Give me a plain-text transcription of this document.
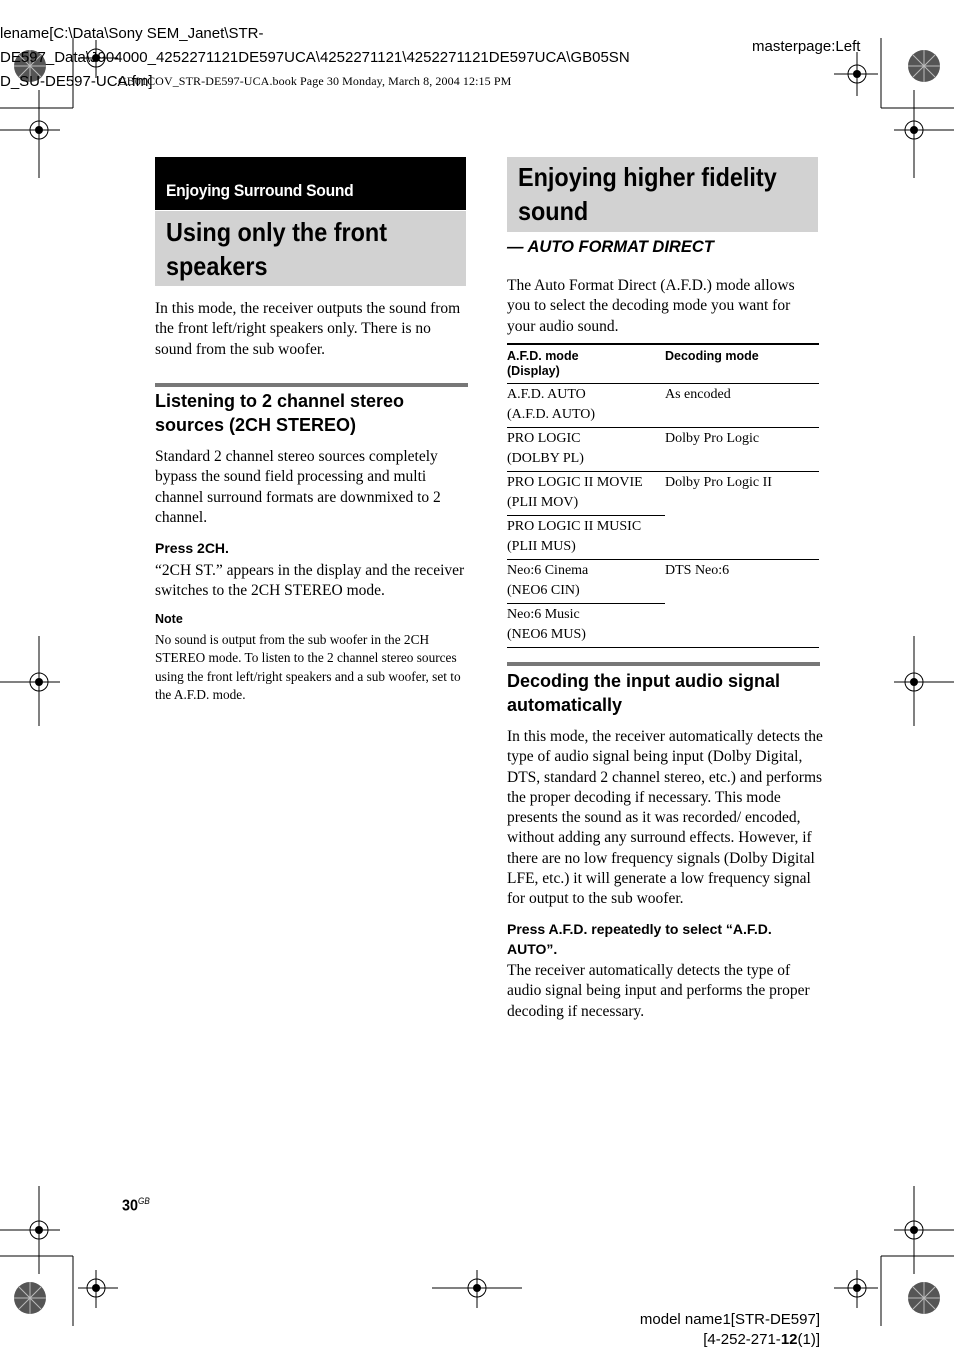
lename[C:\Data\Sony SEM_Janet\STR-
DE597_Data\J904000_4252271121DE597UCA\4252271121\4252271121DE597UCA\GB05SN
D_SU-DE597-UCA.fm]
masterpage:Left
GB01COV_STR-DE597-UCA.book Page 30 Monday, March 8, 2004 12:15 PM
Enjoying Surround Sound
Using only the front speakers
In this mode, the receiver outputs the sound from the front left/right speakers only. There is no sound from the sub woofer.
Listening to 2 channel stereo sources (2CH STEREO)
Standard 2 channel stereo sources completely bypass the sound field processing and multi channel surround formats are downmixed to 2 channel.
Press 2CH.
“2CH ST.” appears in the display and the receiver switches to the 2CH STEREO mode.
Note
No sound is output from the sub woofer in the 2CH STEREO mode. To listen to the 2 channel stereo sources using the front left/right speakers and a sub woofer, set to the A.F.D. mode.
Enjoying higher fidelity sound
— AUTO FORMAT DIRECT
The Auto Format Direct (A.F.D.) mode allows you to select the decoding mode you want for your audio sound.
A.F.D. mode
(Display)	Decoding mode

A.F.D. AUTO
(A.F.D. AUTO)	As encoded

PRO LOGIC
(DOLBY PL)	Dolby Pro Logic

PRO LOGIC II MOVIE
(PLII MOV)	Dolby Pro Logic II

PRO LOGIC II MUSIC
(PLII MUS)	

Neo:6 Cinema
(NEO6 CIN)	DTS Neo:6

Neo:6 Music
(NEO6 MUS)	
Decoding the input audio signal automatically
In this mode, the receiver automatically detects the type of audio signal being input (Dolby Digital, DTS, standard 2 channel stereo, etc.) and performs the proper decoding if necessary. This mode presents the sound as it was recorded/ encoded, without adding any surround effects. However, if there are no low frequency signals (Dolby Digital LFE, etc.) it will generate a low frequency signal for output to the sub woofer.
Press A.F.D. repeatedly to select “A.F.D. AUTO”.
The receiver automatically detects the type of audio signal being input and performs the proper decoding if necessary.
$30^{GB}$
model name1[STR-DE597]
[4-252-271-12(1)]
